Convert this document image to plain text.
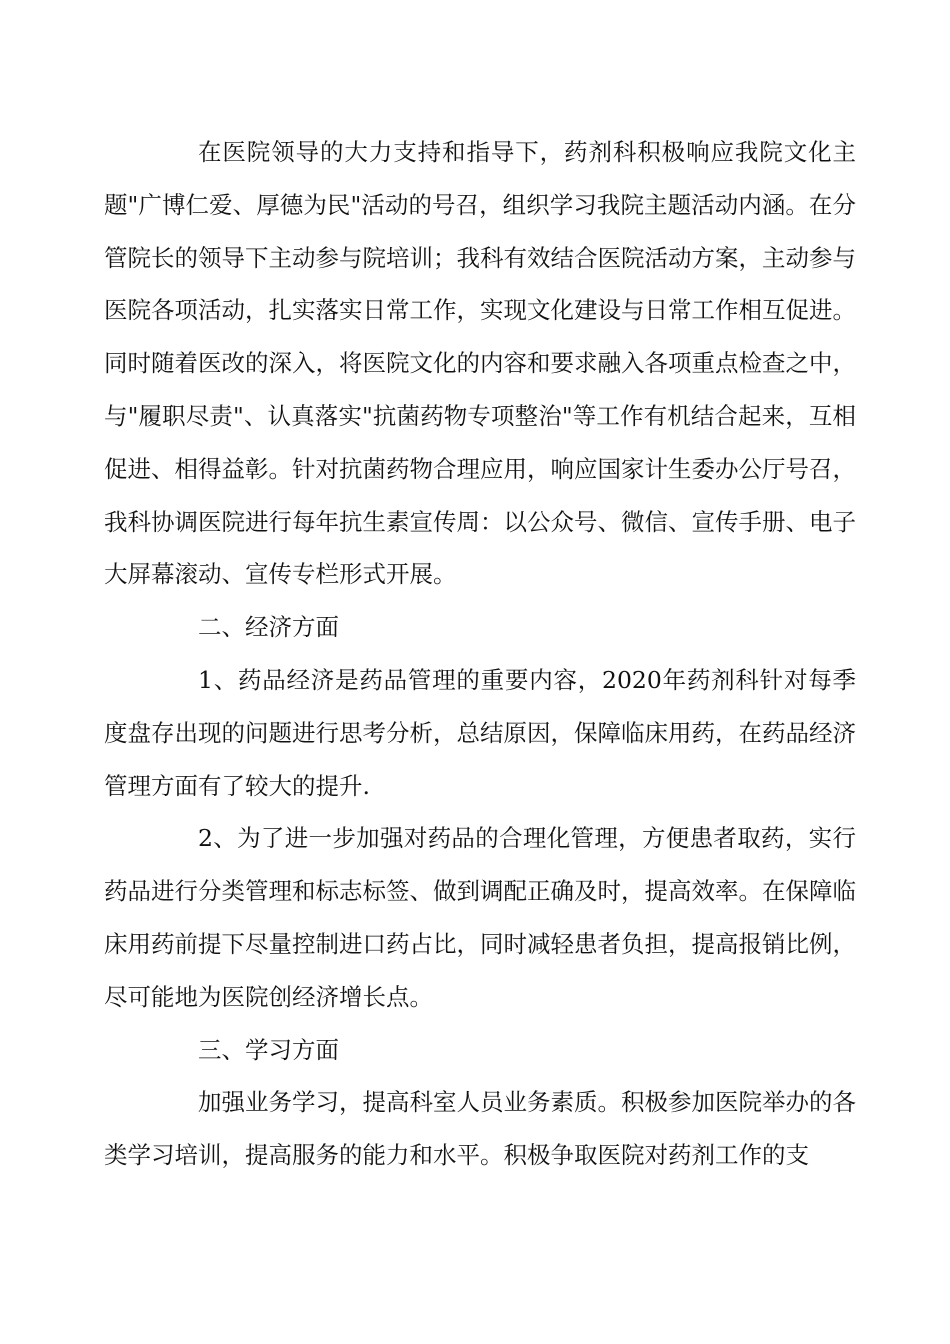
在医院领导的大力支持和指导下，药剂科积极响应我院文化主题"广博仁爱、厚德为民"活动的号召，组织学习我院主题活动内涵。在分管院长的领导下主动参与院培训；我科有效结合医院活动方案，主动参与医院各项活动，扎实落实日常工作，实现文化建设与日常工作相互促进。同时随着医改的深入，将医院文化的内容和要求融入各项重点检查之中，与"履职尽责"、认真落实"抗菌药物专项整治"等工作有机结合起来，互相促进、相得益彰。针对抗菌药物合理应用，响应国家计生委办公厅号召，我科协调医院进行每年抗生素宣传周：以公众号、微信、宣传手册、电子大屏幕滚动、宣传专栏形式开展。

二、经济方面

1、药品经济是药品管理的重要内容，2020年药剂科针对每季度盘存出现的问题进行思考分析，总结原因，保障临床用药，在药品经济管理方面有了较大的提升.

2、为了进一步加强对药品的合理化管理，方便患者取药，实行药品进行分类管理和标志标签、做到调配正确及时，提高效率。在保障临床用药前提下尽量控制进口药占比，同时减轻患者负担，提高报销比例，尽可能地为医院创经济增长点。

三、学习方面

加强业务学习，提高科室人员业务素质。积极参加医院举办的各类学习培训，提高服务的能力和水平。积极争取医院对药剂工作的支
